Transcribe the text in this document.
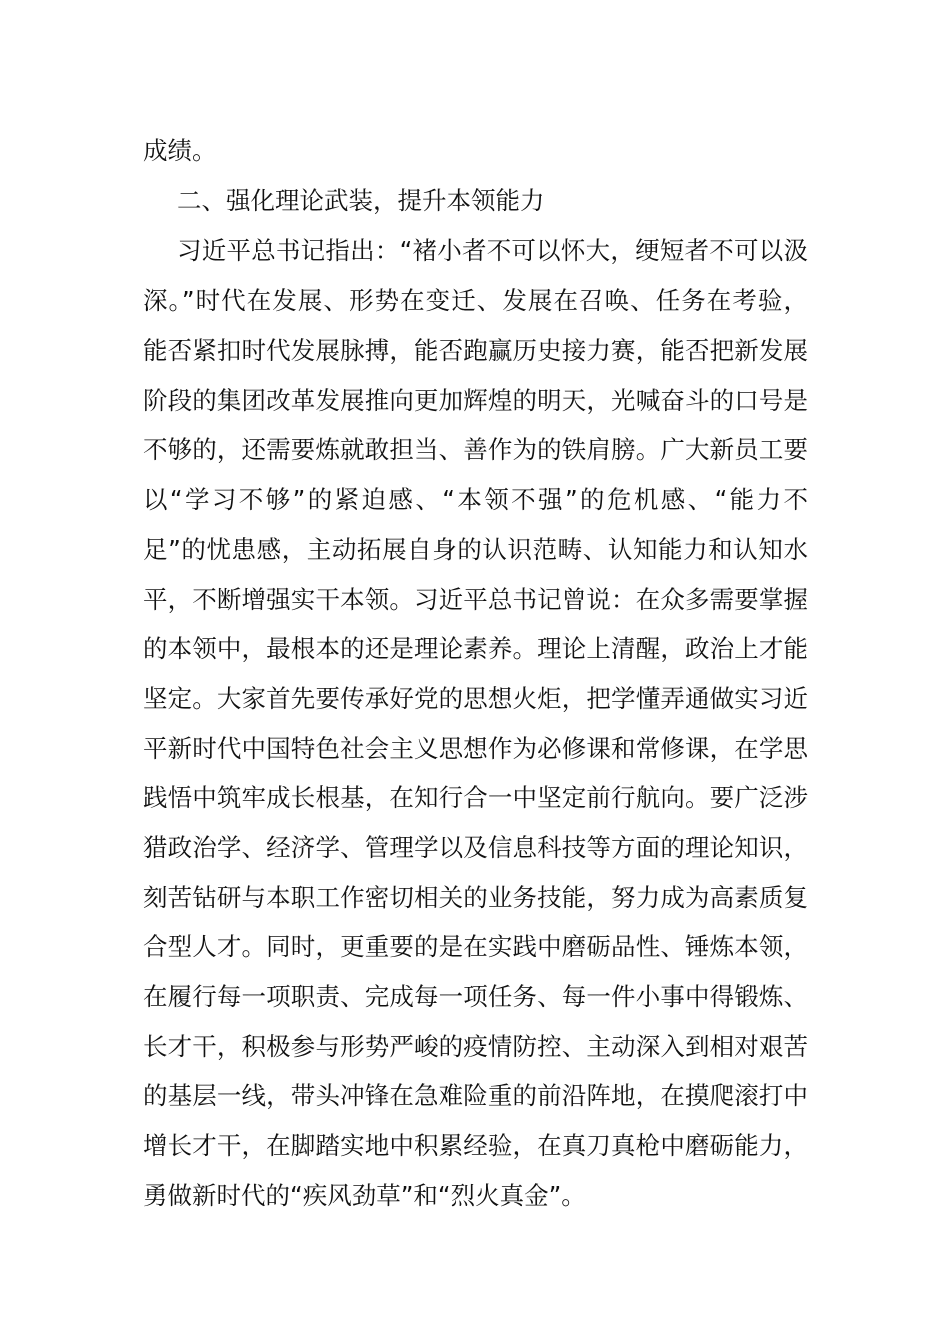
成绩。
二、强化理论武装，提升本领能力
习近平总书记指出：“褚小者不可以怀大，绠短者不可以汲
深。”时代在发展、形势在变迁、发展在召唤、任务在考验，
能否紧扣时代发展脉搏，能否跑赢历史接力赛，能否把新发展
阶段的集团改革发展推向更加辉煌的明天，光喊奋斗的口号是
不够的，还需要炼就敢担当、善作为的铁肩膀。广大新员工要
以“学习不够”的紧迫感、“本领不强”的危机感、“能力不
足”的忧患感，主动拓展自身的认识范畴、认知能力和认知水
平，不断增强实干本领。习近平总书记曾说：在众多需要掌握
的本领中，最根本的还是理论素养。理论上清醒，政治上才能
坚定。大家首先要传承好党的思想火炬，把学懂弄通做实习近
平新时代中国特色社会主义思想作为必修课和常修课，在学思
践悟中筑牢成长根基，在知行合一中坚定前行航向。要广泛涉
猎政治学、经济学、管理学以及信息科技等方面的理论知识，
刻苦钻研与本职工作密切相关的业务技能，努力成为高素质复
合型人才。同时，更重要的是在实践中磨砺品性、锤炼本领，
在履行每一项职责、完成每一项任务、每一件小事中得锻炼、
长才干，积极参与形势严峻的疫情防控、主动深入到相对艰苦
的基层一线，带头冲锋在急难险重的前沿阵地，在摸爬滚打中
增长才干，在脚踏实地中积累经验，在真刀真枪中磨砺能力，
勇做新时代的“疾风劲草”和“烈火真金”。
